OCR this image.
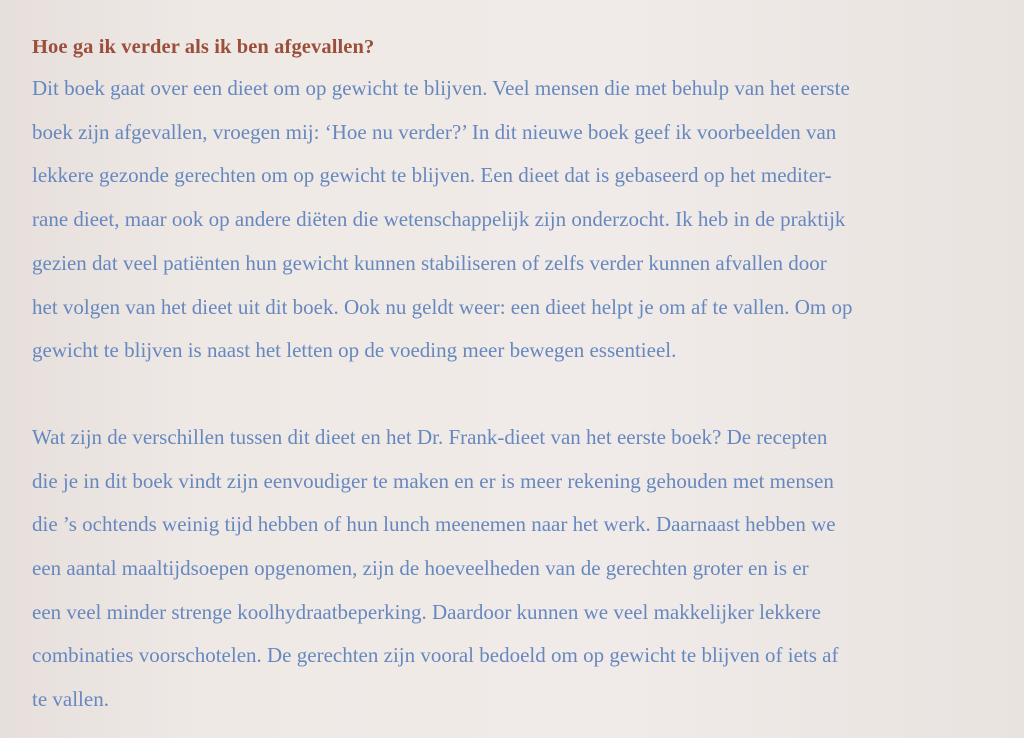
Hoe ga ik verder als ik ben afgevallen?
Dit boek gaat over een dieet om op gewicht te blijven. Veel mensen die met behulp van het eerste
boek zijn afgevallen, vroegen mij: ‘Hoe nu verder?’ In dit nieuwe boek geef ik voorbeelden van
lekkere gezonde gerechten om op gewicht te blijven. Een dieet dat is gebaseerd op het mediter-
rane dieet, maar ook op andere diëten die wetenschappelijk zijn onderzocht. Ik heb in de praktijk
gezien dat veel patiënten hun gewicht kunnen stabiliseren of zelfs verder kunnen afvallen door
het volgen van het dieet uit dit boek. Ook nu geldt weer: een dieet helpt je om af te vallen. Om op
gewicht te blijven is naast het letten op de voeding meer bewegen essentieel.
Wat zijn de verschillen tussen dit dieet en het Dr. Frank-dieet van het eerste boek? De recepten
die je in dit boek vindt zijn eenvoudiger te maken en er is meer rekening gehouden met mensen
die ’s ochtends weinig tijd hebben of hun lunch meenemen naar het werk. Daarnaast hebben we
een aantal maaltijdsoepen opgenomen, zijn de hoeveelheden van de gerechten groter en is er
een veel minder strenge koolhydraatbeperking. Daardoor kunnen we veel makkelijker lekkere
combinaties voorschotelen. De gerechten zijn vooral bedoeld om op gewicht te blijven of iets af
te vallen.
